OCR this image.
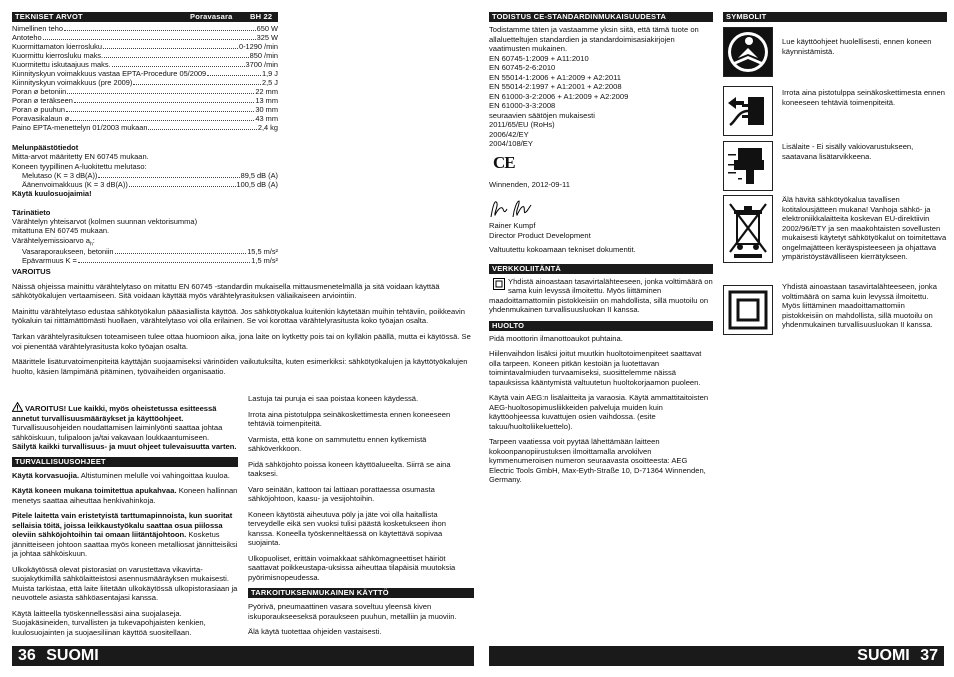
TEKNISET ARVOT	Poravasara BH 22 E
Nimellinen teho	650 W
Antoteho	325 W
Kuormittamaton kierrosluku	0-1290 /min
Kuormittu kierrosluku maks.	850 /min
Kuormitettu iskutaajuus maks.	3700 /min
Kiinnityskyun voimakkuus vastaa EPTA-Procedure 05/2009	1,9 J
Kiinnityskyun voimakkuus (pre 2009)	2,5 J
Poran ø betoniin	22 mm
Poran ø teräkseen	13 mm
Poran ø puuhun	30 mm
Poravasikalaun ø	43 mm
Paino EPTA-menettelyn 01/2003 mukaan	2,4 kg
Melunpäästötiedot
Mitta-arvot määritetty EN 60745 mukaan.
Koneen tyypillinen A-luokitettu melutaso:
Melutaso (K = 3 dB(A))	89,5 dB (A)
Äänenvoimakkuus (K = 3 dB(A))	100,5 dB (A)
Käytä kuulosuojaimia!
Tärinätieto
Värähtelyn yhteisarvot (kolmen suunnan vektorisumma)
mitattuna EN 60745 mukaan.
Värähtelyemissioarvo $a_h$:
Vasaraporaukseen, betoniin	15,5 m/s²
Epävarmuus K =	1,5 m/s²
VAROITUS
Näissä ohjeissa mainittu värähtelytaso on mitattu EN 60745 -standardin mukaisella mittausmenetelmällä ja sitä voidaan käyttää sähkötyökalujen vertaamiseen. Sitä voidaan käyttää myös värähtelyrasituksen väliaikaiseen arviointiin.
Mainittu värähtelytaso edustaa sähkötyökalun pääasiallista käyttöä. Jos sähkötyökalua kuitenkin käytetään muihin tehtäviin, poikkeavin työkaluin tai riittämättömästi huollaen, värähtelytaso voi olla erilainen. Se voi korottaa värähtelyrasitusta koko työajan osalta.
Tarkan värähtelyrasituksen toteamiseen tulee ottaa huomioon aika, jona laite on kytketty pois tai on kylläkin päällä, mutta ei käytössä. Se voi pienentää värähtelyrasitusta koko työajan osalta.
Määrittele lisäturvatoimenpiteitä käyttäjän suojaamiseksi värinöiden vaikutuksilta, kuten esimerkiksi: sähkötyökalujen ja käyttötyökalujen huolto, käsien lämpimänä pitäminen, työvaiheiden organisaatio.
VAROITUS! Lue kaikki, myös oheistetussa esitteessä annetut turvallisuusmääräykset ja käyttöohjeet. Turvallisuusohjeiden noudattamisen laiminlyönti saattaa johtaa sähköiskuun, tulipaloon ja/tai vakavaan loukkaantumiseen.
Säilytä kaikki turvallisuus- ja muut ohjeet tulevaisuutta varten.
TURVALLISUUSOHJEET
Käytä korvasuojia. Altistuminen melulle voi vahingoittaa kuuloa.
Käytä koneen mukana toimitettua apukahvaa. Koneen hallinnan menetys saattaa aiheuttaa henkivahinkoja.
Pitele laitetta vain eristetyistä tarttumapinnoista, kun suoritat sellaisia töitä, joissa leikkaustyökalu saattaa osua piilossa oleviin sähköjohtoihin tai omaan liitäntäjohtoon. Kosketus jännitteiseen johtoon saattaa myös koneen metalliosat jännitteisiksi ja johtaa sähköiskuun.
Ulkokäytössä olevat pistorasiat on varustettava vikavirta-suojakytkimillä sähkölaitteistosi asennusmääräyksen mukaisesti. Muista tarkistaa, että laite liitetään ulkokäytössä ulkopistorasiaan ja neuvottele asiasta sähköasentajasi kanssa.
Käytä laitteella työskennellessäsi aina suojalaseja. Suojakäsineiden, turvallisten ja tukevapohjaisten kenkien, kuulosuojainten ja suojaesiliinan käyttöä suositellaan.
Lastuja tai puruja ei saa poistaa koneen käydessä.
Irrota aina pistotulppa seinäkoskettimesta ennen koneeseen tehtäviä toimenpiteitä.
Varmista, että kone on sammutettu ennen kytkemistä sähköverkkoon.
Pidä sähköjohto poissa koneen käyttöalueelta. Siirrä se aina taaksesi.
Varo seinään, kattoon tai lattiaan porattaessa osumasta sähköjohtoon, kaasu- ja vesijohtoihin.
Koneen käytöstä aiheutuva pöly ja jäte voi olla haitallista terveydelle eikä sen vuoksi tulisi päästä kosketukseen ihon kanssa. Koneella työskenneltäessä on käytettävä sopivaa suojainta.
Ulkopuoliset, erittäin voimakkaat sähkömagneettiset häiriöt saattavat poikkeustapa-uksissa aiheuttaa tilapäisiä muutoksia pyörimisnopeudessa.
TARKOITUKSENMUKAINEN KÄYTTÖ
Pyörivä, pneumaattinen vasara soveltuu yleensä kiven iskuporaukseeseksä poraukseen puuhun, metalliin ja muoviin.
Älä käytä tuotettaa ohjeiden vastaisesti.
TODISTUS CE-STANDARDINMUKAISUUDESTA
Todistamme täten ja vastaamme yksin siitä, että tämä tuote on allaluetteltujen standardien ja standardoimisasiakirjojen vaatimusten mukainen.
EN 60745-1:2009 + A11:2010
EN 60745-2-6:2010
EN 55014-1:2006 + A1:2009 + A2:2011
EN 55014-2:1997 + A1:2001 + A2:2008
EN 61000-3-2:2006 + A1:2009 + A2:2009
EN 61000-3-3:2008
seuraavien säätöjen mukaisesti
2011/65/EU (RoHs)
2006/42/EY
2004/108/EY
CE
Winnenden, 2012-09-11
Rainer Kumpf
Director Product Development
Valtuutettu kokoamaan tekniset dokumentit.
VERKKOLIITÄNTÄ
Yhdistä ainoastaan tasavirtalähteeseen, jonka volttimäärä on sama kuin levyssä ilmoitettu. Myös liittäminen maadoittamattomiin pistokkeisiin on mahdollista, sillä muotoilu on yhdenmukainen turvallisuusluokan II kanssa.
HUOLTO
Pidä moottorin ilmanottoaukot puhtaina.
Hiilenvaihdon lisäksi joitut muutkin huoltotoimenpiteet saattavat olla tarpeen. Koneen pitkän kestoiän ja luotettavan toimintavalmiuden turvaamiseksi, suosittelemme näissä tapauksissa kääntymistä valtuutetun huoltokorjaamon puoleen.
Käytä vain AEG:n lisälaitteita ja varaosia. Käytä ammattitaitoisten AEG-huoltosopimusliikkeiden palveluja muiden kuin käyttöohjeessa kuvattujen osien vaihdossa. (esite takuu/huoltoliikeluettelo).
Tarpeen vaatiessa voit pyytää lähettämään laitteen kokoonpanopiirustuksen ilmoittamalla arvokilven kymmenumeroisen numeron seuraavasta osoitteesta: AEG Electric Tools GmbH, Max-Eyth-Straße 10, D-71364 Winnenden, Germany.
SYMBOLIT
Lue käyttöohjeet huolellisesti, ennen koneen käynnistämistä.
Irrota aina pistotulppa seinäkoskettimesta ennen koneeseen tehtäviä toimenpiteitä.
Lisälaite - Ei sisälly vakiovarustukseen, saatavana lisätarvikkeena.
Älä hävitä sähkötyökalua tavallisen kotitalousjätteen mukana! Vanhoja sähkö- ja elektroniikkalaitteita koskevan EU-direktiivin 2002/96/ETY ja sen maakohtaisten sovellusten mukaisesti käytetyt sähkötyökalut on toimitettava ongelmajätteen keräyspisteeseen ja ohjattava ympäristöystävälliseen kierrätykseen.
Yhdistä ainoastaan tasavirtalähteeseen, jonka volttimäärä on sama kuin levyssä ilmoitettu. Myös liittäminen maadoittamattomiin pistokkeisiin on mahdollista, sillä muotoilu on yhdenmukainen turvallisuusluokan II kanssa.
36 SUOMI	SUOMI 37
